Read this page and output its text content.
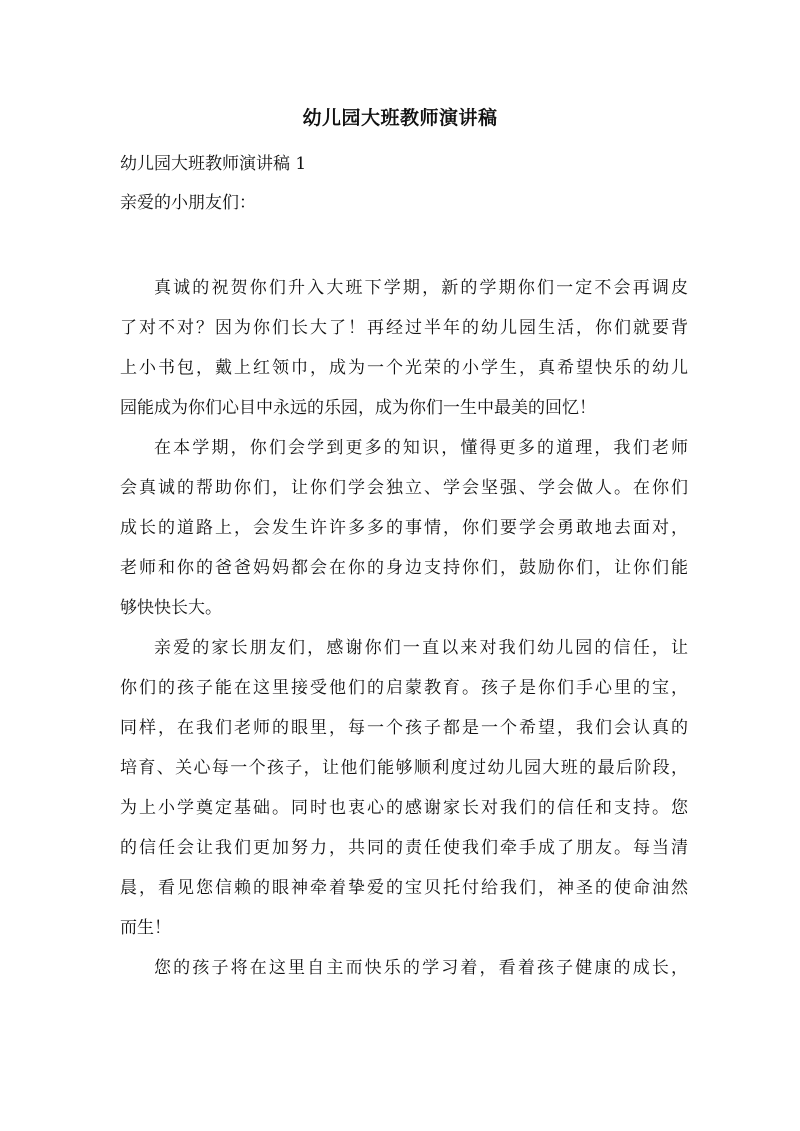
幼儿园大班教师演讲稿
幼儿园大班教师演讲稿 1
亲爱的小朋友们：

真诚的祝贺你们升入大班下学期，新的学期你们一定不会再调皮
了对不对？因为你们长大了！再经过半年的幼儿园生活，你们就要背
上小书包，戴上红领巾，成为一个光荣的小学生，真希望快乐的幼儿
园能成为你们心目中永远的乐园，成为你们一生中最美的回忆！

在本学期，你们会学到更多的知识，懂得更多的道理，我们老师
会真诚的帮助你们，让你们学会独立、学会坚强、学会做人。在你们
成长的道路上，会发生许许多多的事情，你们要学会勇敢地去面对，
老师和你的爸爸妈妈都会在你的身边支持你们，鼓励你们，让你们能
够快快长大。

亲爱的家长朋友们，感谢你们一直以来对我们幼儿园的信任，让
你们的孩子能在这里接受他们的启蒙教育。孩子是你们手心里的宝，
同样，在我们老师的眼里，每一个孩子都是一个希望，我们会认真的
培育、关心每一个孩子，让他们能够顺利度过幼儿园大班的最后阶段，
为上小学奠定基础。同时也衷心的感谢家长对我们的信任和支持。您
的信任会让我们更加努力，共同的责任使我们牵手成了朋友。每当清
晨，看见您信赖的眼神牵着挚爱的宝贝托付给我们，神圣的使命油然
而生！

您的孩子将在这里自主而快乐的学习着，看着孩子健康的成长，
